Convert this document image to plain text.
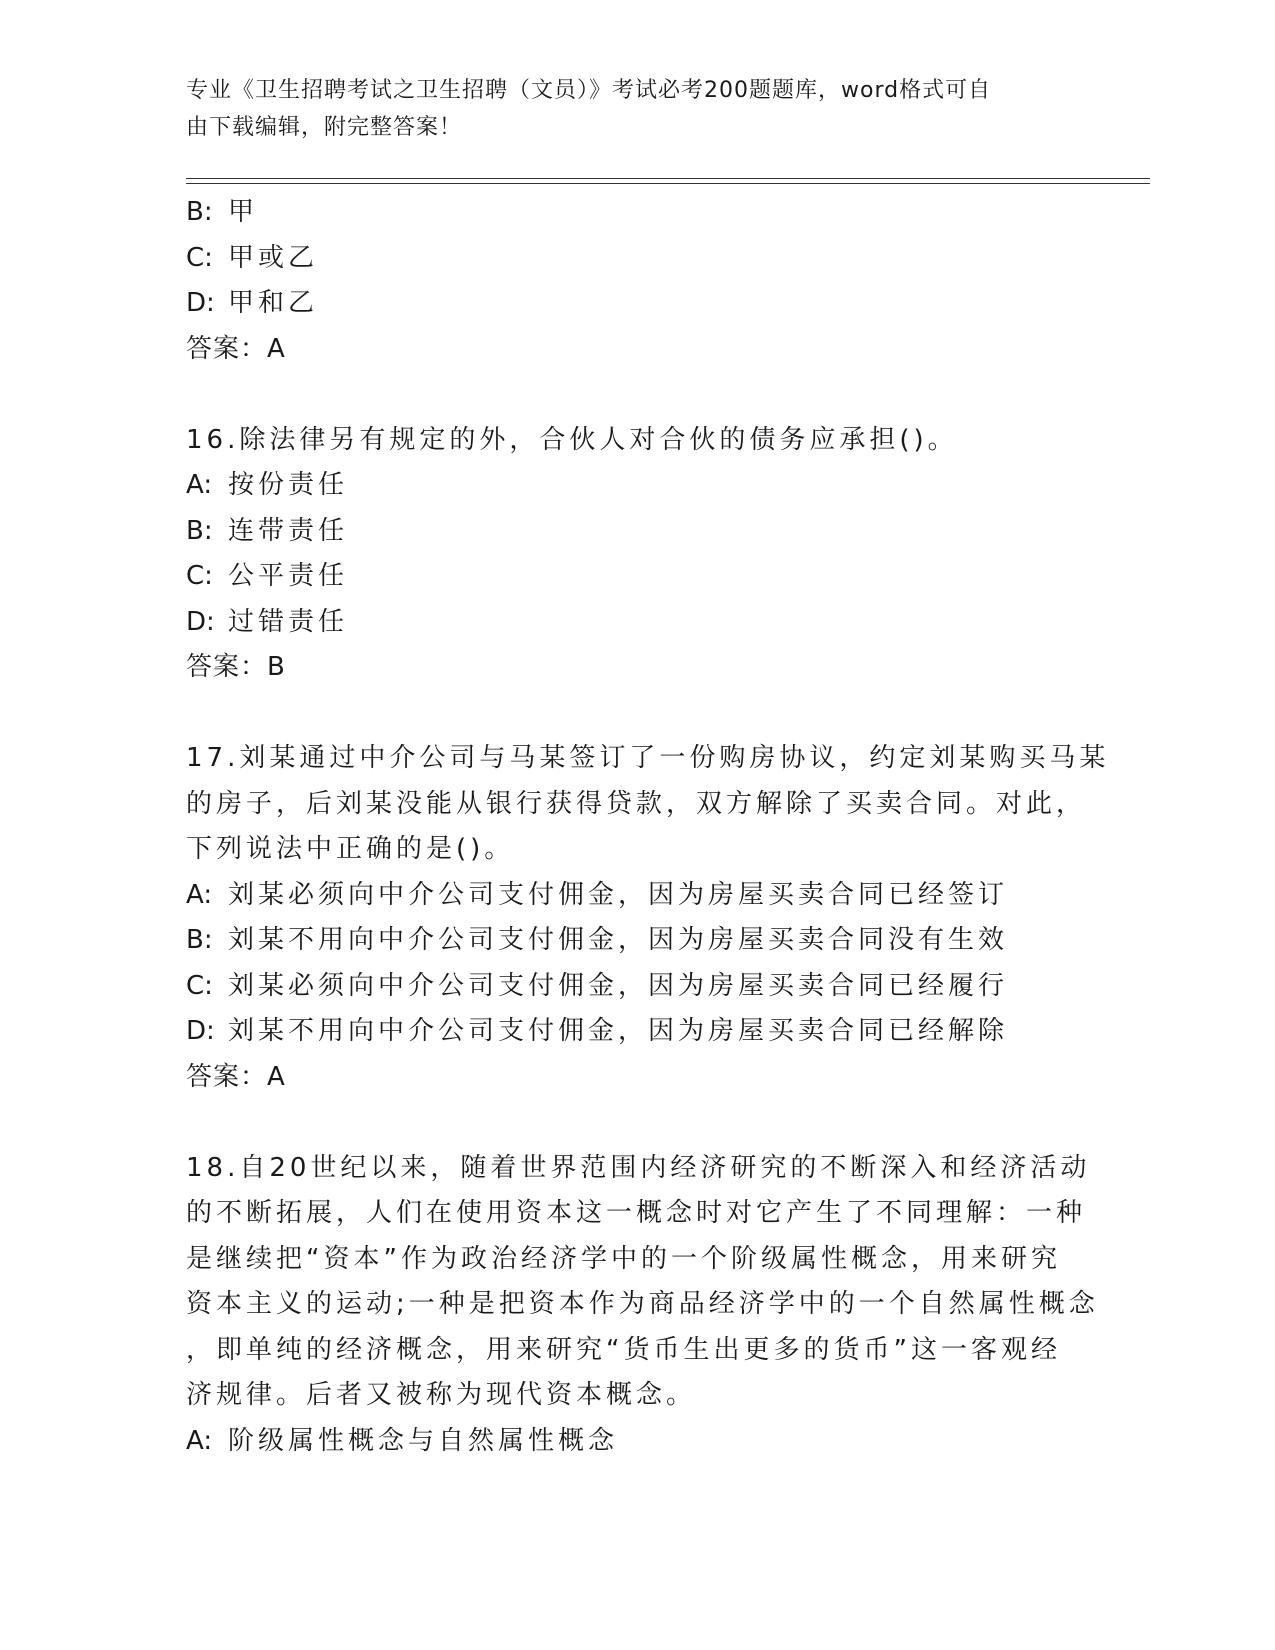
专业《卫生招聘考试之卫生招聘（文员）》考试必考200题题库，word格式可自
由下载编辑，附完整答案！
B: 甲
C: 甲或乙
D: 甲和乙
答案：A
16.除法律另有规定的外，合伙人对合伙的债务应承担()。
A: 按份责任
B: 连带责任
C: 公平责任
D: 过错责任
答案：B
17.刘某通过中介公司与马某签订了一份购房协议，约定刘某购买马某
的房子，后刘某没能从银行获得贷款，双方解除了买卖合同。对此，
下列说法中正确的是()。
A: 刘某必须向中介公司支付佣金，因为房屋买卖合同已经签订
B: 刘某不用向中介公司支付佣金，因为房屋买卖合同没有生效
C: 刘某必须向中介公司支付佣金，因为房屋买卖合同已经履行
D: 刘某不用向中介公司支付佣金，因为房屋买卖合同已经解除
答案：A
18.自20世纪以来，随着世界范围内经济研究的不断深入和经济活动
的不断拓展，人们在使用资本这一概念时对它产生了不同理解：一种
是继续把“资本”作为政治经济学中的一个阶级属性概念，用来研究
资本主义的运动;一种是把资本作为商品经济学中的一个自然属性概念
，即单纯的经济概念，用来研究“货币生出更多的货币”这一客观经
济规律。后者又被称为现代资本概念。
A: 阶级属性概念与自然属性概念
